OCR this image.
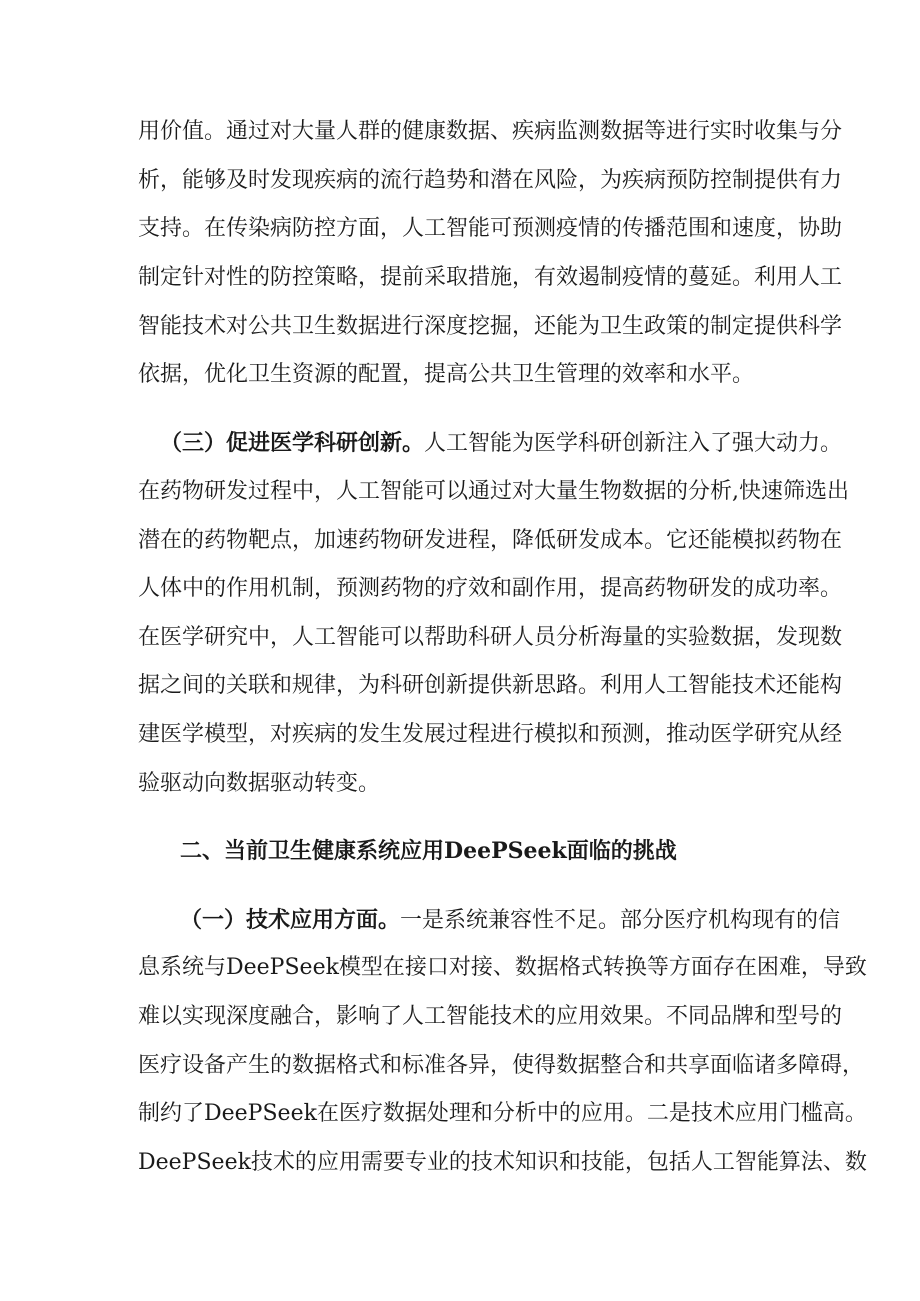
用价值。通过对大量人群的健康数据、疾病监测数据等进行实时收集与分
析，能够及时发现疾病的流行趋势和潜在风险，为疾病预防控制提供有力
支持。在传染病防控方面，人工智能可预测疫情的传播范围和速度，协助
制定针对性的防控策略，提前采取措施，有效遏制疫情的蔓延。利用人工
智能技术对公共卫生数据进行深度挖掘，还能为卫生政策的制定提供科学
依据，优化卫生资源的配置，提高公共卫生管理的效率和水平。
（三）促进医学科研创新。人工智能为医学科研创新注入了强大动力。
在药物研发过程中，人工智能可以通过对大量生物数据的分析,快速筛选出
潜在的药物靶点，加速药物研发进程，降低研发成本。它还能模拟药物在
人体中的作用机制，预测药物的疗效和副作用，提高药物研发的成功率。
在医学研究中，人工智能可以帮助科研人员分析海量的实验数据，发现数
据之间的关联和规律，为科研创新提供新思路。利用人工智能技术还能构
建医学模型，对疾病的发生发展过程进行模拟和预测，推动医学研究从经
验驱动向数据驱动转变。
二、当前卫生健康系统应用DeePSeek面临的挑战
（一）技术应用方面。一是系统兼容性不足。部分医疗机构现有的信
息系统与DeePSeek模型在接口对接、数据格式转换等方面存在困难，导致
难以实现深度融合，影响了人工智能技术的应用效果。不同品牌和型号的
医疗设备产生的数据格式和标准各异，使得数据整合和共享面临诸多障碍，
制约了DeePSeek在医疗数据处理和分析中的应用。二是技术应用门槛高。
DeePSeek技术的应用需要专业的技术知识和技能，包括人工智能算法、数
